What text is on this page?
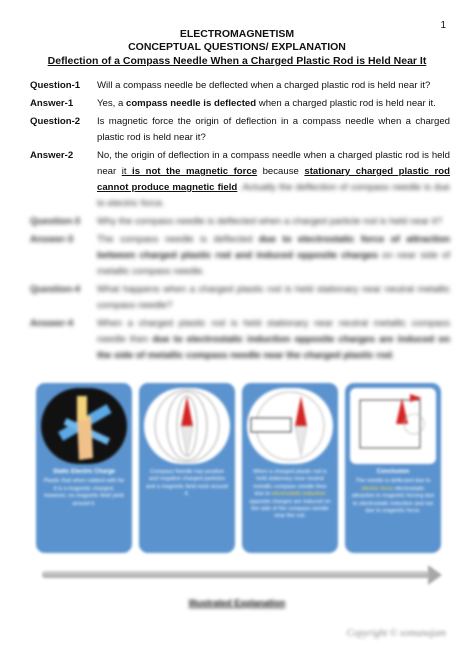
1
ELECTROMAGNETISM
CONCEPTUAL QUESTIONS/ EXPLANATION
Deflection of a Compass Needle When a Charged Plastic Rod is Held Near It
Question-1	Will a compass needle be deflected when a charged plastic rod is held near it?
Answer-1	Yes, a compass needle is deflected when a charged plastic rod is held near it.
Question-2	Is magnetic force the origin of deflection in a compass needle when a charged plastic rod is held near it?
Answer-2	No, the origin of deflection in a compass needle when a charged plastic rod is held near it is not the magnetic force because stationary charged plastic rod cannot produce magnetic field. Actually the deflection of compass needle is due to electric force.
Question-3	Why the compass needle is deflected when a charged particle rod is held near it?
Answer-3	The compass needle is deflected due to electrostatic force of attraction between charged plastic rod and induced opposite charges on near side of metallic compass needle.
Question-4	What happens when a charged plastic rod is held stationary near neutral metallic compass needle?
Answer-4	When a charged plastic rod is held stationary near neutral metallic compass needle then due to electrostatic induction opposite charges are induced on the side of metallic compass needle near the charged plastic rod.
Static Electric Charge
Plastic that when rubbed with fur it is a magnetic charged, however, no magnetic field yield around it.
Compass Needle has positive and negative charged particles and a magnetic field exist around it.
When a charged plastic rod is held stationary near neutral metallic compass needle then due to electrostatic induction opposite charges are induced on the side of the compass needle near the rod.
Conclusion
The needle is deflected due to electric force electrostatic attraction to magnetic forcing due to electrostatic induction and not due to magnetic force.
Illustrated Explanation
Copyright © somunajam
